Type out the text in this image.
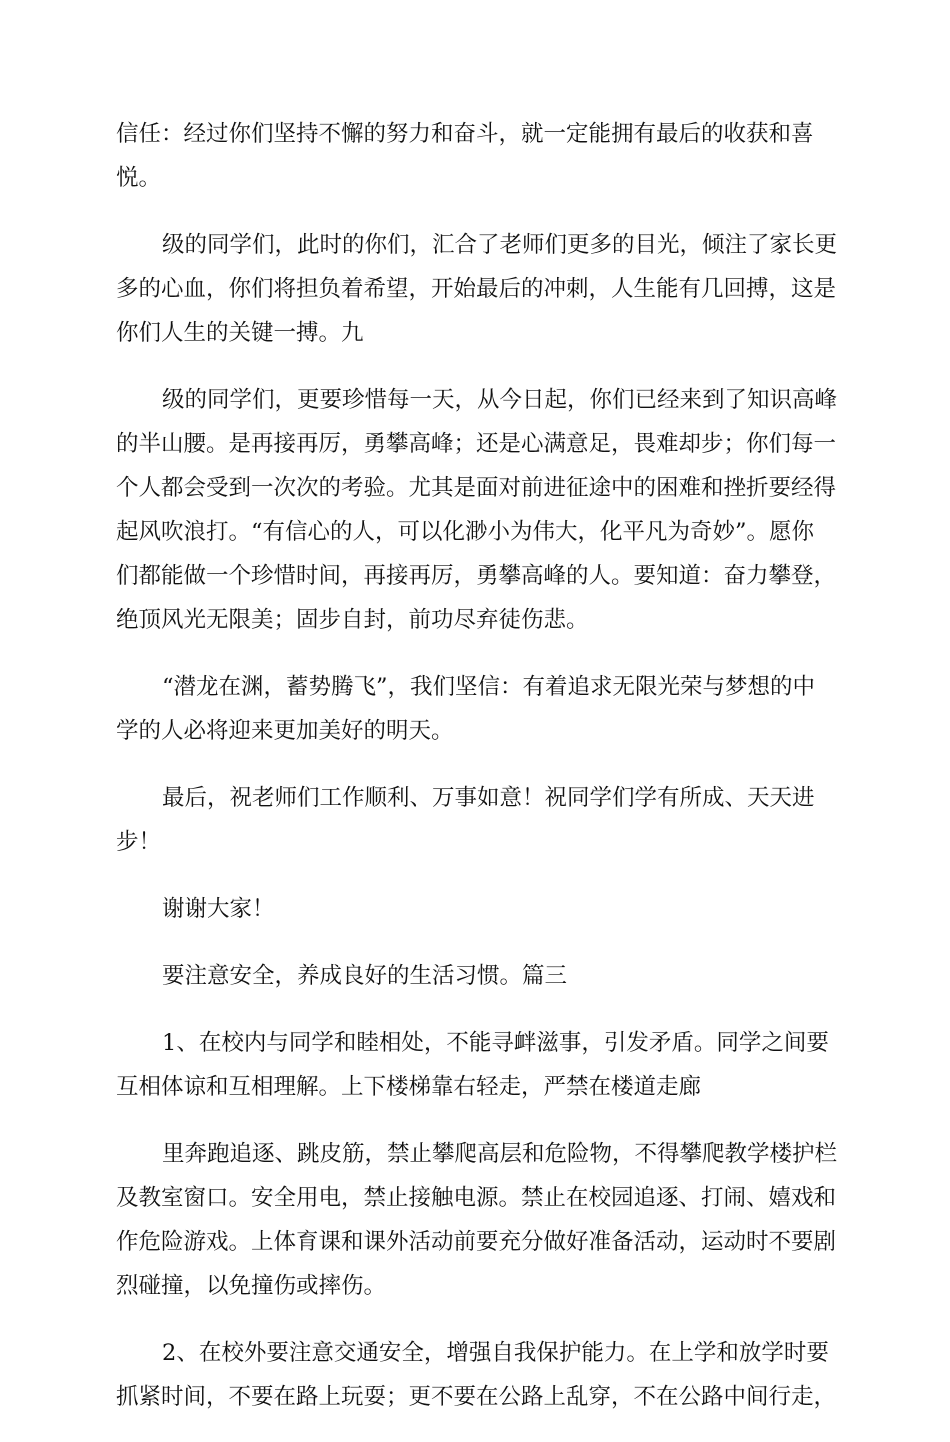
信任：经过你们坚持不懈的努力和奋斗，就一定能拥有最后的收获和喜
悦。
级的同学们，此时的你们，汇合了老师们更多的目光，倾注了家长更
多的心血，你们将担负着希望，开始最后的冲刺，人生能有几回搏，这是
你们人生的关键一搏。九
级的同学们，更要珍惜每一天，从今日起，你们已经来到了知识高峰
的半山腰。是再接再厉，勇攀高峰；还是心满意足，畏难却步；你们每一
个人都会受到一次次的考验。尤其是面对前进征途中的困难和挫折要经得
起风吹浪打。“有信心的人，可以化渺小为伟大，化平凡为奇妙”。愿你
们都能做一个珍惜时间，再接再厉，勇攀高峰的人。要知道：奋力攀登，
绝顶风光无限美；固步自封，前功尽弃徒伤悲。
“潜龙在渊，蓄势腾飞”，我们坚信：有着追求无限光荣与梦想的中
学的人必将迎来更加美好的明天。
最后，祝老师们工作顺利、万事如意！祝同学们学有所成、天天进
步！
谢谢大家！
要注意安全，养成良好的生活习惯。篇三
1、在校内与同学和睦相处，不能寻衅滋事，引发矛盾。同学之间要
互相体谅和互相理解。上下楼梯靠右轻走，严禁在楼道走廊
里奔跑追逐、跳皮筋，禁止攀爬高层和危险物，不得攀爬教学楼护栏
及教室窗口。安全用电，禁止接触电源。禁止在校园追逐、打闹、嬉戏和
作危险游戏。上体育课和课外活动前要充分做好准备活动，运动时不要剧
烈碰撞，以免撞伤或摔伤。
2、在校外要注意交通安全，增强自我保护能力。在上学和放学时要
抓紧时间，不要在路上玩耍；更不要在公路上乱穿，不在公路中间行走，
